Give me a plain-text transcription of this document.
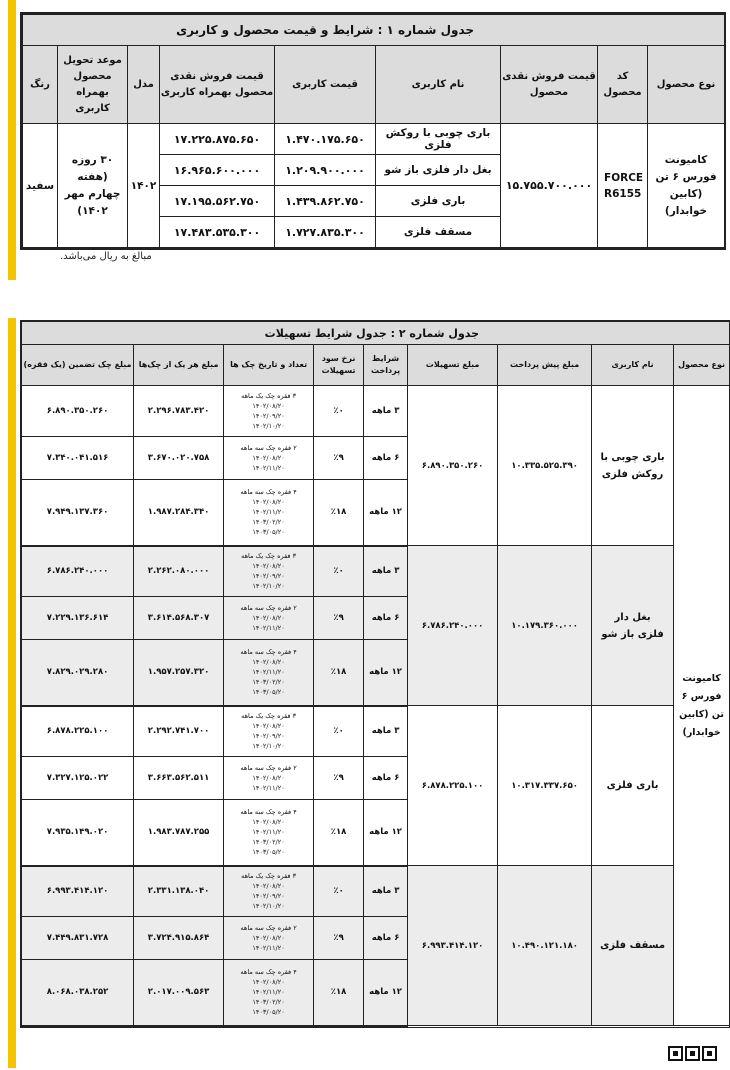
جدول شماره ۱ : شرایط و قیمت محصول و کاربری								
نوع محصول	کد محصول	قیمت فروش نقدی محصول	نام کاربری	قیمت کاربری	قیمت فروش نقدی محصول بهمراه کاربری	مدل	موعد تحویل محصول بهمراه کاربری	رنگ
کامیونت فورس ۶ تن (کابین خوابدار)	FORCE R6155	۱۵.۷۵۵.۷۰۰.۰۰۰	باری چوبی با روکش فلزی	۱.۴۷۰.۱۷۵.۶۵۰	۱۷.۲۲۵.۸۷۵.۶۵۰	۱۴۰۲	۳۰ روزه (هفته چهارم مهر ۱۴۰۲)	سفید
			بغل دار فلزی باز شو	۱.۲۰۹.۹۰۰.۰۰۰	۱۶.۹۶۵.۶۰۰.۰۰۰			
			باری فلزی	۱.۴۳۹.۸۶۲.۷۵۰	۱۷.۱۹۵.۵۶۲.۷۵۰			
			مسقف فلزی	۱.۷۲۷.۸۳۵.۳۰۰	۱۷.۴۸۳.۵۳۵.۳۰۰			
مبالغ به ریال می‌باشد.
جدول شماره ۲ : جدول شرایط تسهیلات								
نوع محصول	نام کاربری	مبلغ پیش پرداخت	مبلغ تسهیلات	شرایط پرداخت	نرخ سود تسهیلات	تعداد و تاریخ چک ها	مبلغ هر یک از چک‌ها	مبلغ چک تضمین (یک فقره)
کامیونت فورس ۶ تن (کابین خوابدار)	باری چوبی با روکش فلزی	۱۰.۳۳۵.۵۲۵.۳۹۰	۶.۸۹۰.۳۵۰.۲۶۰	۳ ماهه	٪۰	۳ فقره چک یک ماهه
۱۴۰۲/۰۸/۲۰
۱۴۰۲/۰۹/۲۰
۱۴۰۲/۱۰/۲۰	۲.۲۹۶.۷۸۳.۴۲۰	۶.۸۹۰.۳۵۰.۲۶۰
				۶ ماهه	٪۹	۲ فقره چک سه ماهه
۱۴۰۲/۰۸/۲۰
۱۴۰۲/۱۱/۲۰	۳.۶۷۰.۰۲۰.۷۵۸	۷.۳۴۰.۰۴۱.۵۱۶
				۱۲ ماهه	٪۱۸	۴ فقره چک سه ماهه
۱۴۰۲/۰۸/۲۰
۱۴۰۲/۱۱/۲۰
۱۴۰۳/۰۲/۲۰
۱۴۰۳/۰۵/۲۰	۱.۹۸۷.۲۸۴.۳۴۰	۷.۹۴۹.۱۳۷.۳۶۰
	بغل دار فلزی باز شو	۱۰.۱۷۹.۳۶۰.۰۰۰	۶.۷۸۶.۲۴۰.۰۰۰	۳ ماهه	٪۰	۳ فقره چک یک ماهه
۱۴۰۲/۰۸/۲۰
۱۴۰۲/۰۹/۲۰
۱۴۰۲/۱۰/۲۰	۲.۲۶۲.۰۸۰.۰۰۰	۶.۷۸۶.۲۴۰.۰۰۰
				۶ ماهه	٪۹	۲ فقره چک سه ماهه
۱۴۰۲/۰۸/۲۰
۱۴۰۲/۱۱/۲۰	۳.۶۱۴.۵۶۸.۳۰۷	۷.۲۲۹.۱۳۶.۶۱۴
				۱۲ ماهه	٪۱۸	۴ فقره چک سه ماهه
۱۴۰۲/۰۸/۲۰
۱۴۰۲/۱۱/۲۰
۱۴۰۳/۰۲/۲۰
۱۴۰۳/۰۵/۲۰	۱.۹۵۷.۲۵۷.۳۲۰	۷.۸۲۹.۰۲۹.۲۸۰
	باری فلزی	۱۰.۳۱۷.۳۳۷.۶۵۰	۶.۸۷۸.۲۲۵.۱۰۰	۳ ماهه	٪۰	۳ فقره چک یک ماهه
۱۴۰۲/۰۸/۲۰
۱۴۰۲/۰۹/۲۰
۱۴۰۲/۱۰/۲۰	۲.۲۹۲.۷۴۱.۷۰۰	۶.۸۷۸.۲۲۵.۱۰۰
				۶ ماهه	٪۹	۲ فقره چک سه ماهه
۱۴۰۲/۰۸/۲۰
۱۴۰۲/۱۱/۲۰	۳.۶۶۳.۵۶۲.۵۱۱	۷.۳۲۷.۱۲۵.۰۲۲
				۱۲ ماهه	٪۱۸	۴ فقره چک سه ماهه
۱۴۰۲/۰۸/۲۰
۱۴۰۲/۱۱/۲۰
۱۴۰۳/۰۲/۲۰
۱۴۰۳/۰۵/۲۰	۱.۹۸۳.۷۸۷.۲۵۵	۷.۹۳۵.۱۴۹.۰۲۰
	مسقف فلزی	۱۰.۴۹۰.۱۲۱.۱۸۰	۶.۹۹۳.۴۱۴.۱۲۰	۳ ماهه	٪۰	۳ فقره چک یک ماهه
۱۴۰۲/۰۸/۲۰
۱۴۰۲/۰۹/۲۰
۱۴۰۲/۱۰/۲۰	۲.۳۳۱.۱۳۸.۰۴۰	۶.۹۹۳.۴۱۴.۱۲۰
				۶ ماهه	٪۹	۲ فقره چک سه ماهه
۱۴۰۲/۰۸/۲۰
۱۴۰۲/۱۱/۲۰	۳.۷۲۴.۹۱۵.۸۶۴	۷.۴۴۹.۸۳۱.۷۲۸
				۱۲ ماهه	٪۱۸	۴ فقره چک سه ماهه
۱۴۰۲/۰۸/۲۰
۱۴۰۲/۱۱/۲۰
۱۴۰۳/۰۲/۲۰
۱۴۰۳/۰۵/۲۰	۲.۰۱۷.۰۰۹.۵۶۳	۸.۰۶۸.۰۳۸.۲۵۲
